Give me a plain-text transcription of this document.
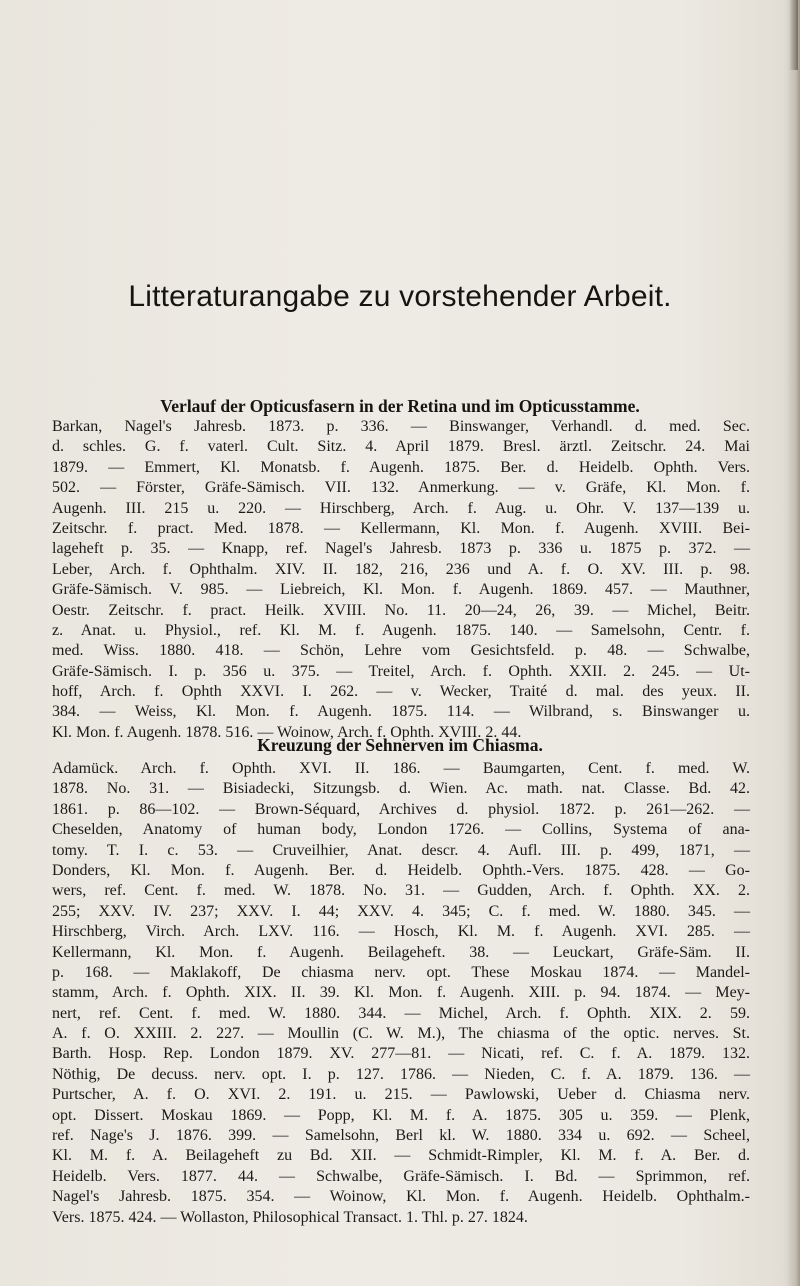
Litteraturangabe zu vorstehender Arbeit.
Verlauf der Opticusfasern in der Retina und im Opticusstamme.
Barkan, Nagel's Jahresb. 1873. p. 336. — Binswanger, Verhandl. d. med. Sec.
d. schles. G. f. vaterl. Cult. Sitz. 4. April 1879. Bresl. ärztl. Zeitschr. 24. Mai
1879. — Emmert, Kl. Monatsb. f. Augenh. 1875. Ber. d. Heidelb. Ophth. Vers.
502. — Förster, Gräfe-Sämisch. VII. 132. Anmerkung. — v. Gräfe, Kl. Mon. f.
Augenh. III. 215 u. 220. — Hirschberg, Arch. f. Aug. u. Ohr. V. 137—139 u.
Zeitschr. f. pract. Med. 1878. — Kellermann, Kl. Mon. f. Augenh. XVIII. Bei-
lageheft p. 35. — Knapp, ref. Nagel's Jahresb. 1873 p. 336 u. 1875 p. 372. —
Leber, Arch. f. Ophthalm. XIV. II. 182, 216, 236 und A. f. O. XV. III. p. 98.
Gräfe-Sämisch. V. 985. — Liebreich, Kl. Mon. f. Augenh. 1869. 457. — Mauthner,
Oestr. Zeitschr. f. pract. Heilk. XVIII. No. 11. 20—24, 26, 39. — Michel, Beitr.
z. Anat. u. Physiol., ref. Kl. M. f. Augenh. 1875. 140. — Samelsohn, Centr. f.
med. Wiss. 1880. 418. — Schön, Lehre vom Gesichtsfeld. p. 48. — Schwalbe,
Gräfe-Sämisch. I. p. 356 u. 375. — Treitel, Arch. f. Ophth. XXII. 2. 245. — Ut-
hoff, Arch. f. Ophth XXVI. I. 262. — v. Wecker, Traité d. mal. des yeux. II.
384. — Weiss, Kl. Mon. f. Augenh. 1875. 114. — Wilbrand, s. Binswanger u.
Kl. Mon. f. Augenh. 1878. 516. — Woinow, Arch. f. Ophth. XVIII. 2. 44.
Kreuzung der Sehnerven im Chiasma.
Adamück. Arch. f. Ophth. XVI. II. 186. — Baumgarten, Cent. f. med. W.
1878. No. 31. — Bisiadecki, Sitzungsb. d. Wien. Ac. math. nat. Classe. Bd. 42.
1861. p. 86—102. — Brown-Séquard, Archives d. physiol. 1872. p. 261—262. —
Cheselden, Anatomy of human body, London 1726. — Collins, Systema of ana-
tomy. T. I. c. 53. — Cruveilhier, Anat. descr. 4. Aufl. III. p. 499, 1871, —
Donders, Kl. Mon. f. Augenh. Ber. d. Heidelb. Ophth.-Vers. 1875. 428. — Go-
wers, ref. Cent. f. med. W. 1878. No. 31. — Gudden, Arch. f. Ophth. XX. 2.
255; XXV. IV. 237; XXV. I. 44; XXV. 4. 345; C. f. med. W. 1880. 345. —
Hirschberg, Virch. Arch. LXV. 116. — Hosch, Kl. M. f. Augenh. XVI. 285. —
Kellermann, Kl. Mon. f. Augenh. Beilageheft. 38. — Leuckart, Gräfe-Säm. II.
p. 168. — Maklakoff, De chiasma nerv. opt. These Moskau 1874. — Mandel-
stamm, Arch. f. Ophth. XIX. II. 39. Kl. Mon. f. Augenh. XIII. p. 94. 1874. — Mey-
nert, ref. Cent. f. med. W. 1880. 344. — Michel, Arch. f. Ophth. XIX. 2. 59.
A. f. O. XXIII. 2. 227. — Moullin (C. W. M.), The chiasma of the optic. nerves. St.
Barth. Hosp. Rep. London 1879. XV. 277—81. — Nicati, ref. C. f. A. 1879. 132.
Nöthig, De decuss. nerv. opt. I. p. 127. 1786. — Nieden, C. f. A. 1879. 136. —
Purtscher, A. f. O. XVI. 2. 191. u. 215. — Pawlowski, Ueber d. Chiasma nerv.
opt. Dissert. Moskau 1869. — Popp, Kl. M. f. A. 1875. 305 u. 359. — Plenk,
ref. Nage's J. 1876. 399. — Samelsohn, Berl kl. W. 1880. 334 u. 692. — Scheel,
Kl. M. f. A. Beilageheft zu Bd. XII. — Schmidt-Rimpler, Kl. M. f. A. Ber. d.
Heidelb. Vers. 1877. 44. — Schwalbe, Gräfe-Sämisch. I. Bd. — Sprimmon, ref.
Nagel's Jahresb. 1875. 354. — Woinow, Kl. Mon. f. Augenh. Heidelb. Ophthalm.-
Vers. 1875. 424. — Wollaston, Philosophical Transact. 1. Thl. p. 27. 1824.
